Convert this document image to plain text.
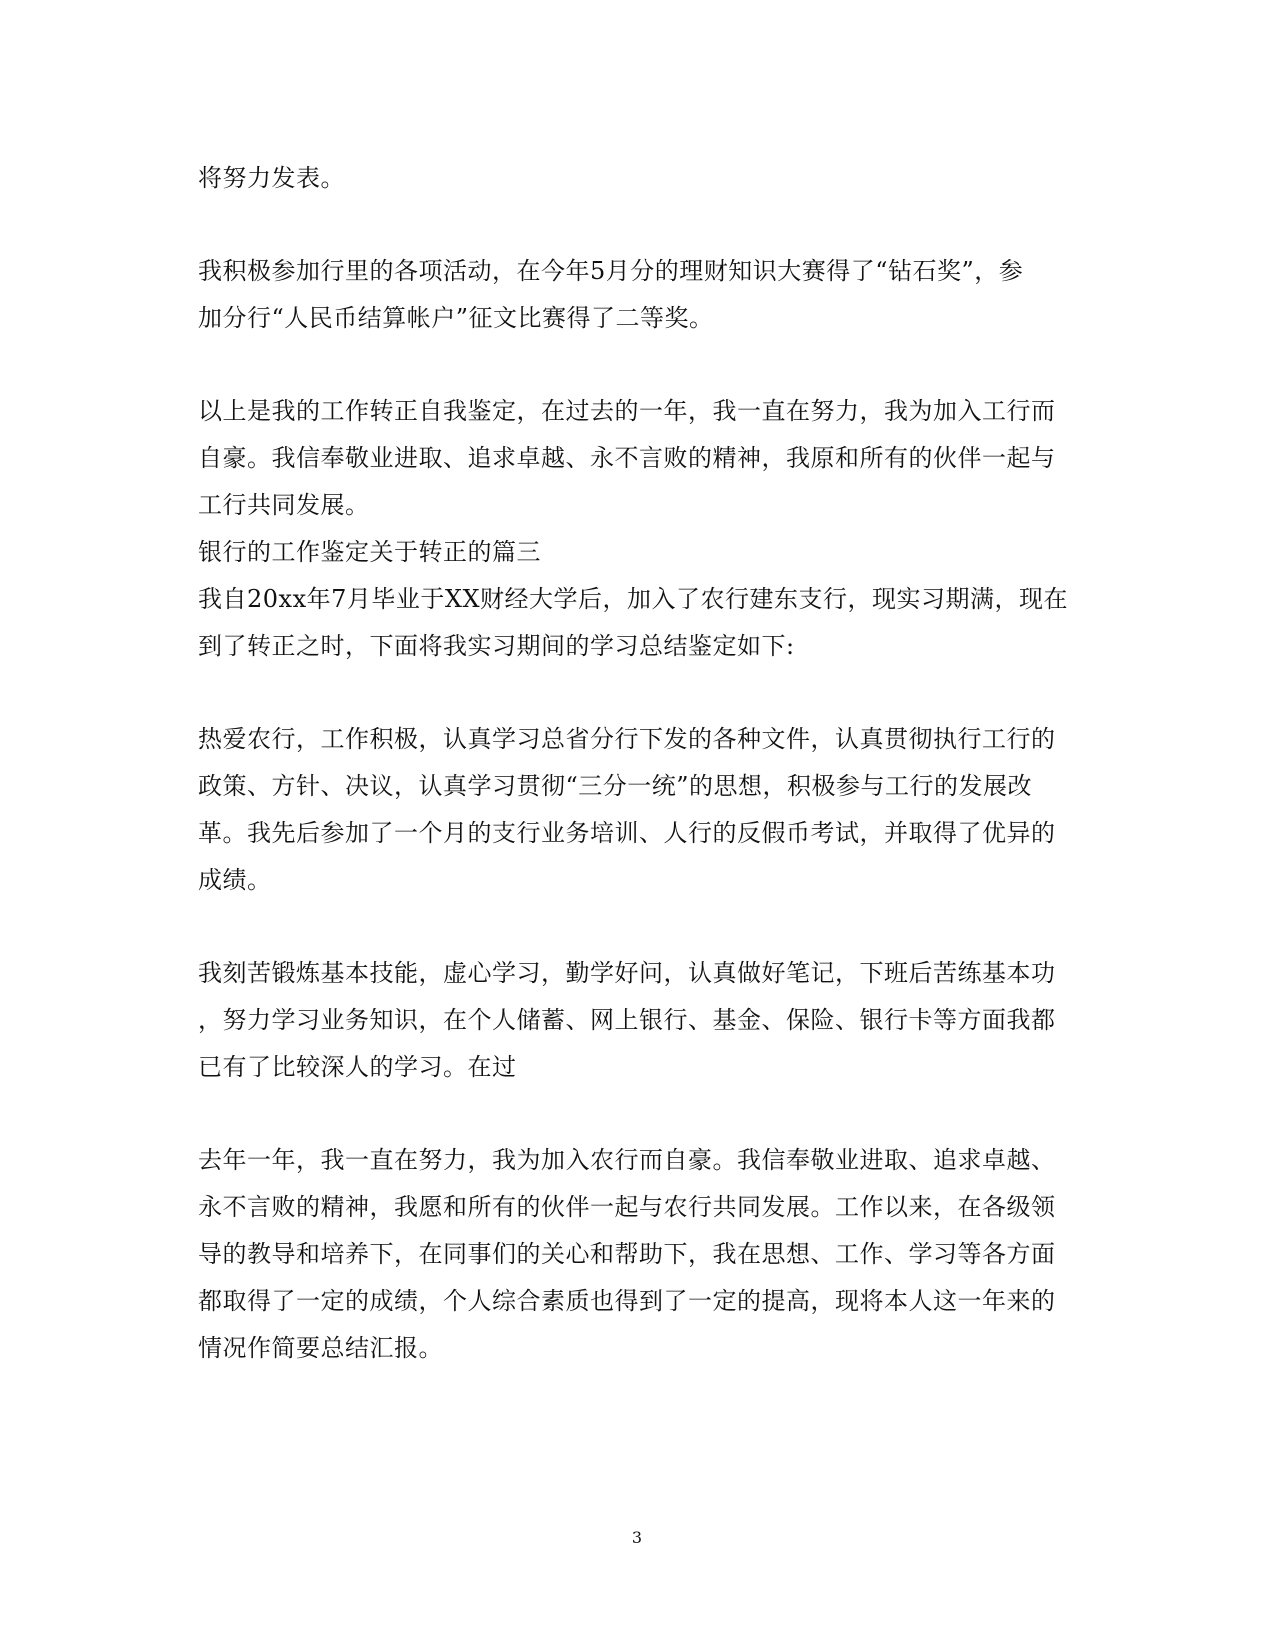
将努力发表。
我积极参加行里的各项活动，在今年5月分的理财知识大赛得了“钻石奖”，参
加分行“人民币结算帐户”征文比赛得了二等奖。
以上是我的工作转正自我鉴定，在过去的一年，我一直在努力，我为加入工行而
自豪。我信奉敬业进取、追求卓越、永不言败的精神，我原和所有的伙伴一起与
工行共同发展。
银行的工作鉴定关于转正的篇三
我自20xx年7月毕业于XX财经大学后，加入了农行建东支行，现实习期满，现在
到了转正之时，下面将我实习期间的学习总结鉴定如下:
热爱农行，工作积极，认真学习总省分行下发的各种文件，认真贯彻执行工行的
政策、方针、决议，认真学习贯彻“三分一统”的思想，积极参与工行的发展改
革。我先后参加了一个月的支行业务培训、人行的反假币考试，并取得了优异的
成绩。
我刻苦锻炼基本技能，虚心学习，勤学好问，认真做好笔记，下班后苦练基本功
，努力学习业务知识，在个人储蓄、网上银行、基金、保险、银行卡等方面我都
已有了比较深人的学习。在过
去年一年，我一直在努力，我为加入农行而自豪。我信奉敬业进取、追求卓越、
永不言败的精神，我愿和所有的伙伴一起与农行共同发展。工作以来，在各级领
导的教导和培养下，在同事们的关心和帮助下，我在思想、工作、学习等各方面
都取得了一定的成绩，个人综合素质也得到了一定的提高，现将本人这一年来的
情况作简要总结汇报。
3
